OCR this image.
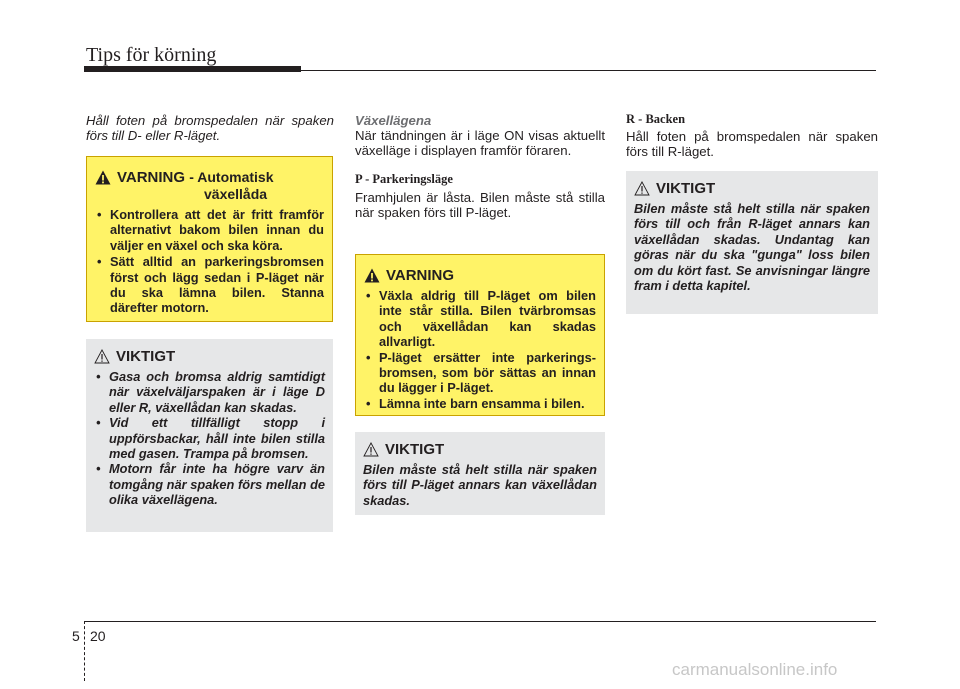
Tips för körning
Håll foten på bromspedalen när spaken förs till D- eller R-läget.
VARNING - Automatisk
växellåda
• Kontrollera att det är fritt framför alternativt bakom bilen innan du väljer en växel och ska köra.
• Sätt alltid an parkeringsbromsen först och lägg sedan i P-läget när du ska lämna bilen. Stanna därefter motorn.
VIKTIGT
• Gasa och bromsa aldrig samtidigt när växelväljarspaken är i läge D eller R, växellådan kan skadas.
• Vid ett tillfälligt stopp i uppförsbackar, håll inte bilen stilla med gasen. Trampa på bromsen.
• Motorn får inte ha högre varv än tomgång när spaken förs mellan de olika växellägena.
Växellägena
När tändningen är i läge ON visas aktuellt växelläge i displayen framför föraren.
P - Parkeringsläge
Framhjulen är låsta. Bilen måste stå stilla när spaken förs till P-läget.
VARNING
• Växla aldrig till P-läget om bilen inte står stilla. Bilen tvärbromsas och växellådan kan skadas allvarligt.
• P-läget ersätter inte parkerings-bromsen, som bör sättas an innan du lägger i P-läget.
• Lämna inte barn ensamma i bilen.
VIKTIGT
Bilen måste stå helt stilla när spaken förs till P-läget annars kan växellådan skadas.
R - Backen
Håll foten på bromspedalen när spaken förs till R-läget.
VIKTIGT
Bilen måste stå helt stilla när spaken förs till och från R-läget annars kan växellådan skadas. Undantag kan göras när du ska "gunga" loss bilen om du kört fast. Se anvisningar längre fram i detta kapitel.
5 20
carmanualsonline.info
